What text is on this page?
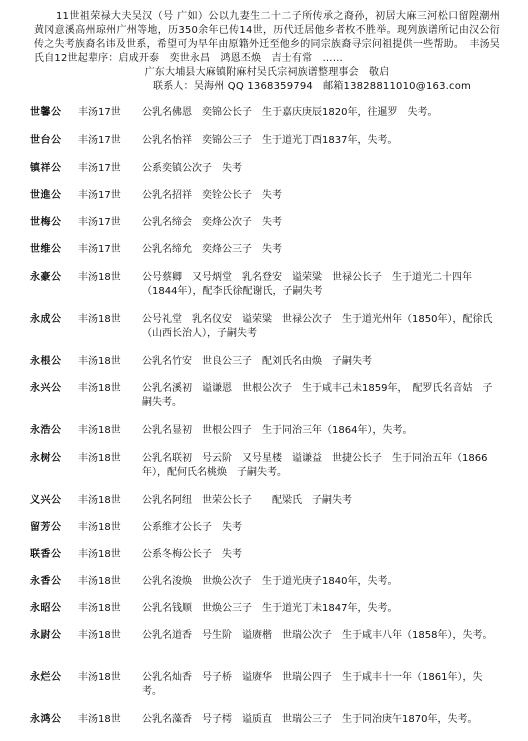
11世祖荣禄大夫吴汉（号 广如）公以九妻生二十二子所传承之裔孙，初居大麻三河松口留隍潮州黄冈意溪高州琼州广州等地，历350余年已传14世，历代迁居他乡者枚不胜举。现列族谱所记由汉公衍传之失考族裔名讳及世系，希望可为早年由原籍外迁至他乡的同宗族裔寻宗问祖提供一些帮助。　丰汤吴氏自12世起辈序：启成开泰　奕世永昌　鸿恩丕焕　吉士有常　……

广东大埔县大麻镇附麻村吴氏宗祠族谱整理事会　敬启
联系人：吴海州 QQ 1368359794　邮箱13828811010@163.com
世馨公	丰汤17世	公乳名佛恩　奕锦公长子　生于嘉庆庚辰1820年，往暹罗　失考。
世台公	丰汤17世	公乳名怡祥　奕锦公三子　生于道光丁酉1837年，失考。
镇祥公	丰汤17世	公系奕镇公次子　失考
世進公	丰汤17世	公乳名招祥　奕铨公长子　失考
世梅公	丰汤17世	公乳名缔会　奕烽公次子　失考
世维公	丰汤17世	公乳名缔允　奕烽公三子　失考
永豪公	丰汤18世	公号蔡卿　又号炳堂　乳名登安　谥荣粱　世禄公长子　生于道光二十四年（1844年），配李氏徐配谢氏，子嗣失考
永成公	丰汤18世	公号礼堂　乳名仪安　谥荣粱　世禄公次子　生于道光州年（1850年），配徐氏（山西长治人），子嗣失考
永根公	丰汤18世	公乳名竹安　世良公三子　配刘氏名由焕　子嗣失考
永兴公	丰汤18世	公乳名溪初　谥谦恩　世根公次子　生于咸丰己未1859年，　配罗氏名音姑　子嗣失考。
永浩公	丰汤18世	公乳名显初　世根公四子　生于同治三年（1864年），失考。
永树公	丰汤18世	公乳名联初　号云阶　又号星楼　谥谦益　世捷公长子　生于同治五年（1866年），配何氏名桃焕　子嗣失考。
义兴公	丰汤18世	公乳名阿纽　世荣公长子　　配梁氏　子嗣失考
留芳公	丰汤18世	公系维才公长子　失考
联香公	丰汤18世	公系冬梅公长子　失考
永香公	丰汤18世	公乳名浚焕　世焕公次子　生于道光庚子1840年，失考。
永昭公	丰汤18世	公乳名钱顺　世焕公三子　生于道光丁未1847年，失考。
永尉公	丰汤18世	公乳名道香　号生阶　谥赓楷　世瑞公次子　生于咸丰八年（1858年），失考。
永烂公	丰汤18世	公乳名灿香　号子桥　谥赓华　世瑞公四子　生于咸丰十一年（1861年），失考。
永鸿公	丰汤18世	公乳名藻香　号子樗　谥质直　世瑞公三子　生于同治庚午1870年，失考。
